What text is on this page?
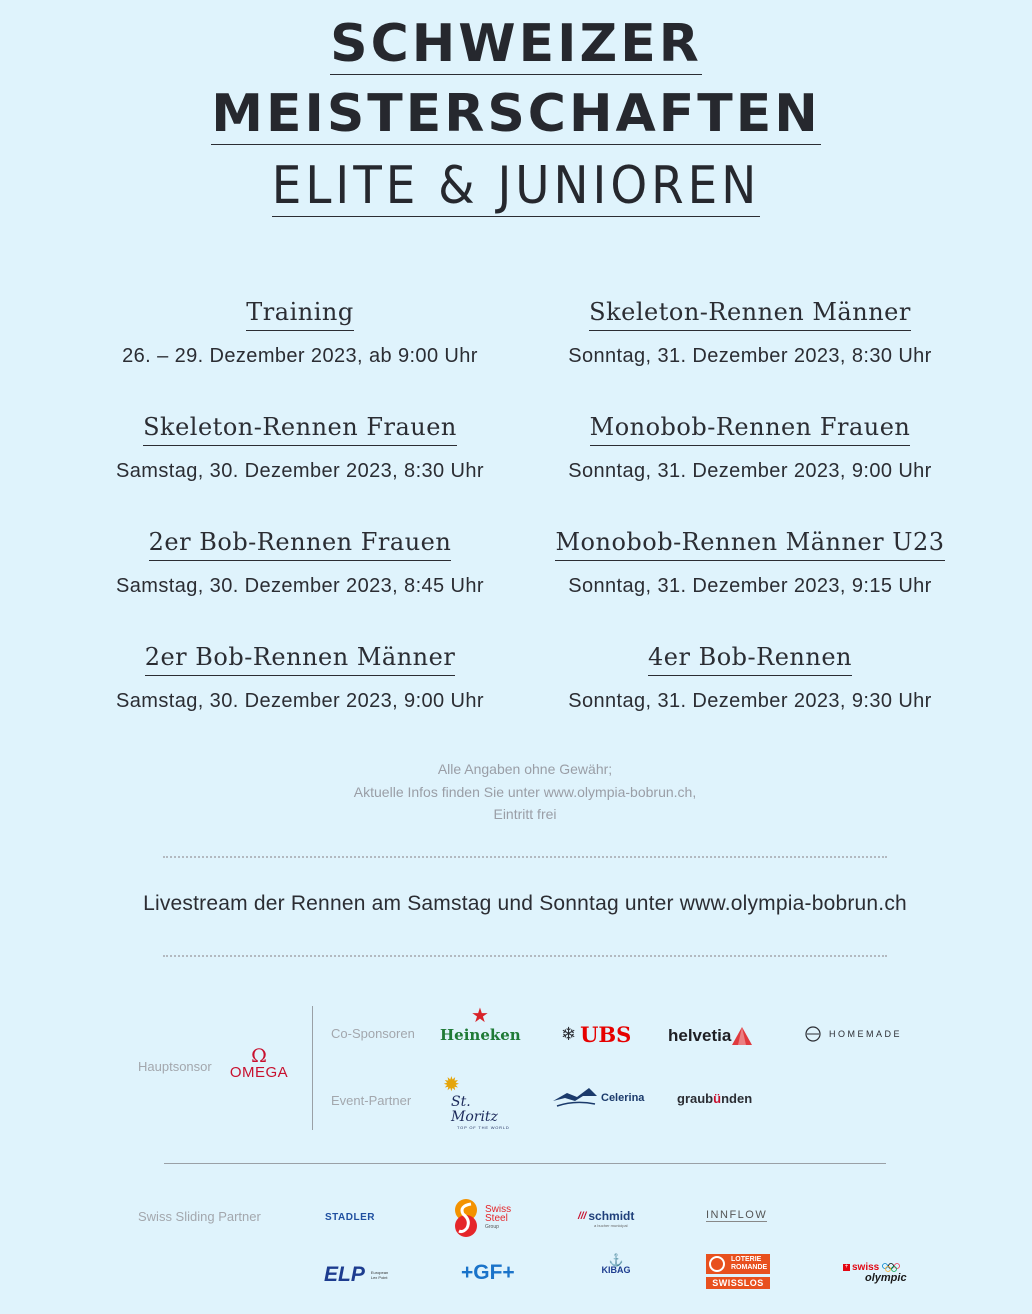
SCHWEIZER
MEISTERSCHAFTEN
ELITE & JUNIOREN
Training
26. – 29. Dezember 2023, ab 9:00 Uhr
Skeleton-Rennen Männer
Sonntag, 31. Dezember 2023, 8:30 Uhr
Skeleton-Rennen Frauen
Samstag, 30. Dezember 2023, 8:30 Uhr
Monobob-Rennen Frauen
Sonntag, 31. Dezember 2023, 9:00 Uhr
2er Bob-Rennen Frauen
Samstag, 30. Dezember 2023, 8:45 Uhr
Monobob-Rennen Männer U23
Sonntag, 31. Dezember 2023, 9:15 Uhr
2er Bob-Rennen Männer
Samstag, 30. Dezember 2023, 9:00 Uhr
4er Bob-Rennen
Sonntag, 31. Dezember 2023, 9:30 Uhr
Alle Angaben ohne Gewähr;
Aktuelle Infos finden Sie unter www.olympia-bobrun.ch,
Eintritt frei
Livestream der Rennen am Samstag und Sonntag unter www.olympia-bobrun.ch
Hauptsonsor	Ω
OMEGA
Co-Sponsoren
Event-Partner
★
Heineken ❄ UBS helvetia	HOMEMADE
✹
St. Moritz
TOP OF THE WORLD
Celerina	graubünden
Swiss Sliding Partner	STADLER
Swiss
Steel
Group
/// schmidt
a bucher municipal
INNFLOW
ELP European Lex Point	+GF+
⚓
KIBAG
LOTERIE
ROMANDE
SWISSLOS
+ swiss
olympic
